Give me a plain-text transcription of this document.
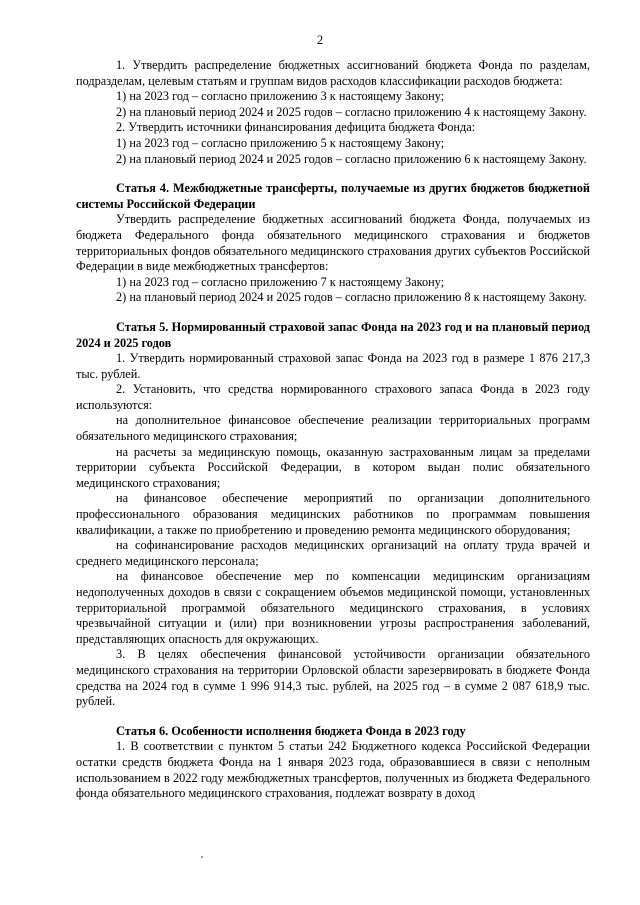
2

1. Утвердить распределение бюджетных ассигнований бюджета Фонда по разделам, подразделам, целевым статьям и группам видов расходов классификации расходов бюджета:

1) на 2023 год – согласно приложению 3 к настоящему Закону;

2) на плановый период 2024 и 2025 годов – согласно приложению 4 к настоящему Закону.

2. Утвердить источники финансирования дефицита бюджета Фонда:

1) на 2023 год – согласно приложению 5 к настоящему Закону;

2) на плановый период 2024 и 2025 годов – согласно приложению 6 к настоящему Закону.

Статья 4. Межбюджетные трансферты, получаемые из других бюджетов бюджетной системы Российской Федерации

Утвердить распределение бюджетных ассигнований бюджета Фонда, получаемых из бюджета Федерального фонда обязательного медицинского страхования и бюджетов территориальных фондов обязательного медицинского страхования других субъектов Российской Федерации в виде межбюджетных трансфертов:

1) на 2023 год – согласно приложению 7 к настоящему Закону;

2) на плановый период 2024 и 2025 годов – согласно приложению 8 к настоящему Закону.

Статья 5. Нормированный страховой запас Фонда на 2023 год и на плановый период 2024 и 2025 годов

1. Утвердить нормированный страховой запас Фонда на 2023 год в размере 1 876 217,3 тыс. рублей.

2. Установить, что средства нормированного страхового запаса Фонда в 2023 году используются:

на дополнительное финансовое обеспечение реализации территориальных программ обязательного медицинского страхования;

на расчеты за медицинскую помощь, оказанную застрахованным лицам за пределами территории субъекта Российской Федерации, в котором выдан полис обязательного медицинского страхования;

на финансовое обеспечение мероприятий по организации дополнительного профессионального образования медицинских работников по программам повышения квалификации, а также по приобретению и проведению ремонта медицинского оборудования;

на софинансирование расходов медицинских организаций на оплату труда врачей и среднего медицинского персонала;

на финансовое обеспечение мер по компенсации медицинским организациям недополученных доходов в связи с сокращением объемов медицинской помощи, установленных территориальной программой обязательного медицинского страхования, в условиях чрезвычайной ситуации и (или) при возникновении угрозы распространения заболеваний, представляющих опасность для окружающих.

3. В целях обеспечения финансовой устойчивости организации обязательного медицинского страхования на территории Орловской области зарезервировать в бюджете Фонда средства на 2024 год в сумме 1 996 914,3 тыс. рублей, на 2025 год – в сумме 2 087 618,9 тыс. рублей.

Статья 6. Особенности исполнения бюджета Фонда в 2023 году

1. В соответствии с пунктом 5 статьи 242 Бюджетного кодекса Российской Федерации остатки средств бюджета Фонда на 1 января 2023 года, образовавшиеся в связи с неполным использованием в 2022 году межбюджетных трансфертов, полученных из бюджета Федерального фонда обязательного медицинского страхования, подлежат возврату в доход
